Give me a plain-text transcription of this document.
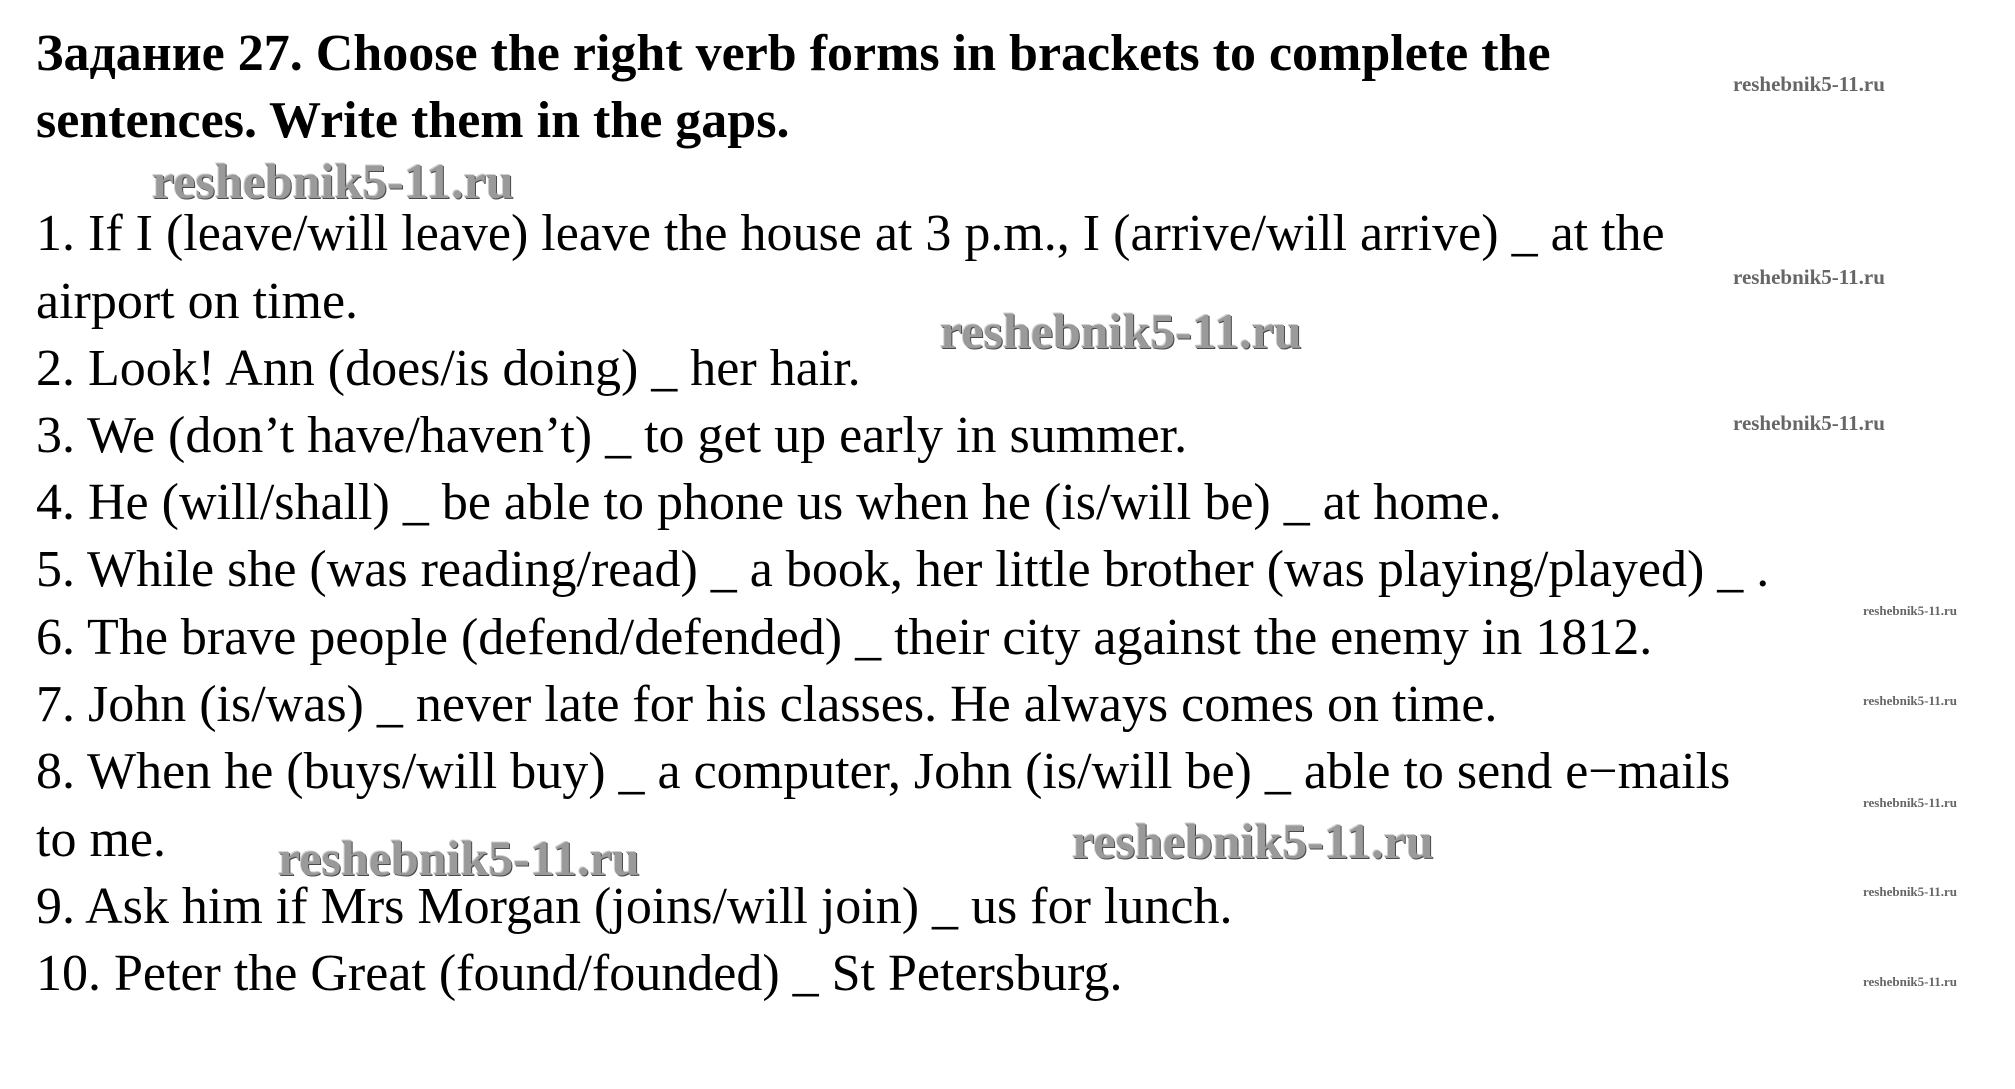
Задание 27. Choose the right verb forms in brackets to complete the
sentences. Write them in the gaps.
1. If I (leave/will leave) leave the house at 3 p.m., I (arrive/will arrive) _ at the
airport on time.
2. Look! Ann (does/is doing) _ her hair.
3. We (don’t have/haven’t) _ to get up early in summer.
4. He (will/shall) _ be able to phone us when he (is/will be) _ at home.
5. While she (was reading/read) _ a book, her little brother (was playing/played) _ .
6. The brave people (defend/defended) _ their city against the enemy in 1812.
7. John (is/was) _ never late for his classes. He always comes on time.
8. When he (buys/will buy) _ a computer, John (is/will be) _ able to send e−mails
to me.
9. Ask him if Mrs Morgan (joins/will join) _ us for lunch.
10. Peter the Great (found/founded) _ St Petersburg.
reshebnik5-11.ru
reshebnik5-11.ru
reshebnik5-11.ru
reshebnik5-11.ru
reshebnik5-11.ru
reshebnik5-11.ru
reshebnik5-11.ru
reshebnik5-11.ru
reshebnik5-11.ru
reshebnik5-11.ru
reshebnik5-11.ru
reshebnik5-11.ru
